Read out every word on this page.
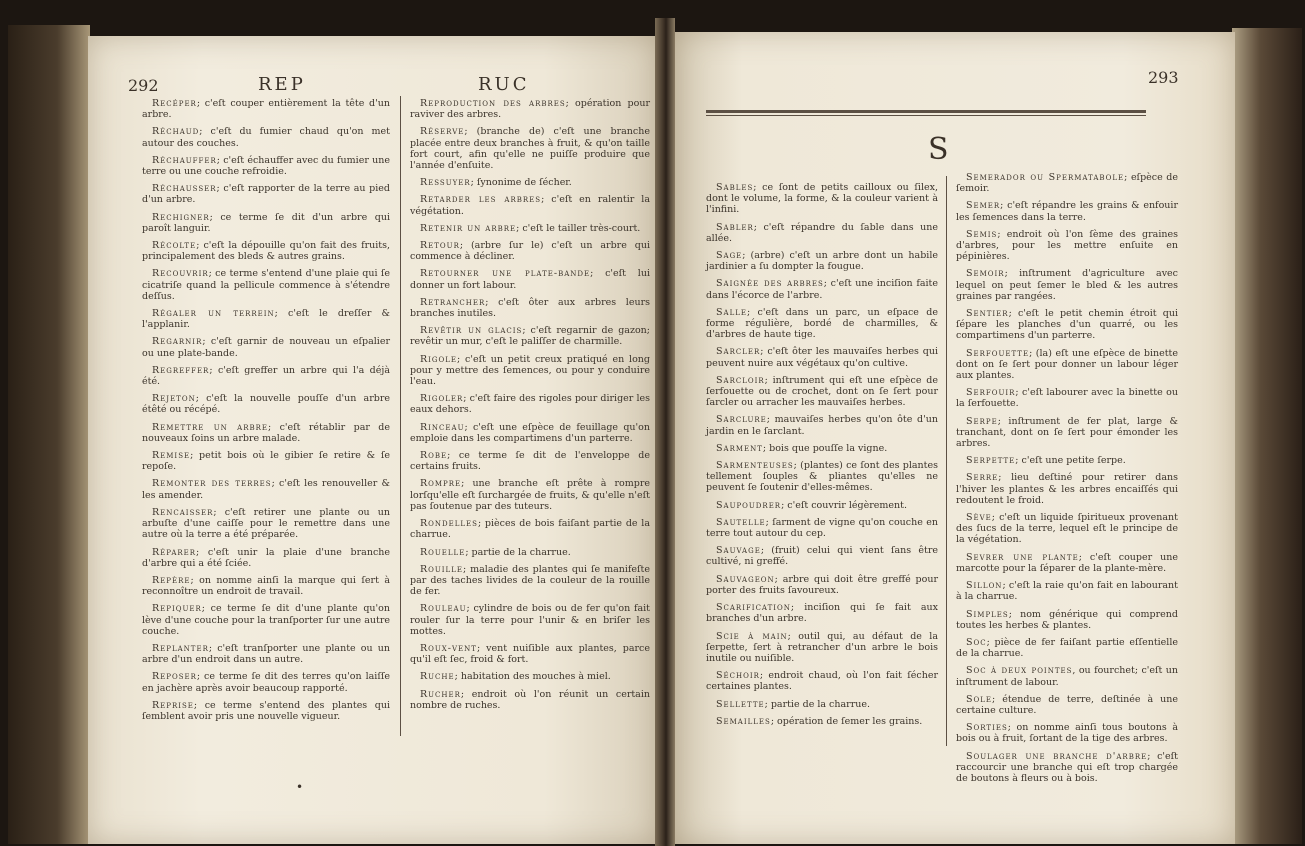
292	REP	RUC

Recéper; c'eſt couper entièrement la tête d'un arbre.

Réchaud; c'eſt du fumier chaud qu'on met autour des couches.

Réchauffer; c'eſt échauffer avec du fumier une terre ou une couche refroidie.

Réchausser; c'eſt rapporter de la terre au pied d'un arbre.

Rechigner; ce terme ſe dit d'un arbre qui paroît languir.

Récolte; c'eſt la dépouille qu'on fait des fruits, principalement des bleds & autres grains.

Recouvrir; ce terme s'entend d'une plaie qui ſe cicatriſe quand la pellicule commence à s'étendre deſſus.

Régaler un terrein; c'eſt le dreſſer & l'applanir.

Regarnir; c'eſt garnir de nouveau un eſpalier ou une plate-bande.

Regreffer; c'eſt greffer un arbre qui l'a déjà été.

Rejeton; c'eſt la nouvelle pouſſe d'un arbre étêté ou récépé.

Remettre un arbre; c'eſt rétablir par de nouveaux ſoins un arbre malade.

Remise; petit bois où le gibier ſe retire & ſe repoſe.

Remonter des terres; c'eſt les renouveller & les amender.

Rencaisser; c'eſt retirer une plante ou un arbuſte d'une caiſſe pour le remettre dans une autre où la terre a été préparée.

Réparer; c'eſt unir la plaie d'une branche d'arbre qui a été ſciée.

Repère; on nomme ainſi la marque qui ſert à reconnoître un endroit de travail.

Repiquer; ce terme ſe dit d'une plante qu'on lève d'une couche pour la tranſporter ſur une autre couche.

Replanter; c'eſt tranſporter une plante ou un arbre d'un endroit dans un autre.

Reposer; ce terme ſe dit des terres qu'on laiſſe en jachère après avoir beaucoup rapporté.

Reprise; ce terme s'entend des plantes qui ſemblent avoir pris une nouvelle vigueur.

Reproduction des arbres; opération pour raviver des arbres.

Réserve; (branche de) c'eſt une branche placée entre deux branches à fruit, & qu'on taille fort court, afin qu'elle ne puiſſe produire que l'année d'enſuite.

Ressuyer; ſynonime de ſécher.

Retarder les arbres; c'eſt en ralentir la végétation.

Retenir un arbre; c'eſt le tailler très-court.

Retour; (arbre ſur le) c'eſt un arbre qui commence à décliner.

Retourner une plate-bande; c'eſt lui donner un fort labour.

Retrancher; c'eſt ôter aux arbres leurs branches inutiles.

Revêtir un glacis; c'eſt regarnir de gazon; revêtir un mur, c'eſt le paliſſer de charmille.

Rigole; c'eſt un petit creux pratiqué en long pour y mettre des ſemences, ou pour y conduire l'eau.

Rigoler; c'eſt faire des rigoles pour diriger les eaux dehors.

Rinceau; c'eſt une eſpèce de feuillage qu'on emploie dans les compartimens d'un parterre.

Robe; ce terme ſe dit de l'enveloppe de certains fruits.

Rompre; une branche eſt prête à rompre lorſqu'elle eſt ſurchargée de fruits, & qu'elle n'eſt pas ſoutenue par des tuteurs.

Rondelles; pièces de bois faiſant partie de la charrue.

Rouelle; partie de la charrue.

Rouille; maladie des plantes qui ſe manifeſte par des taches livides de la couleur de la rouille de fer.

Rouleau; cylindre de bois ou de fer qu'on fait rouler ſur la terre pour l'unir & en briſer les mottes.

Roux-vent; vent nuiſible aux plantes, parce qu'il eſt ſec, froid & fort.

Ruche; habitation des mouches à miel.

Rucher; endroit où l'on réunit un certain nombre de ruches.

•
293
S

Sables; ce ſont de petits cailloux ou ſilex, dont le volume, la forme, & la couleur varient à l'infini.

Sabler; c'eſt répandre du ſable dans une allée.

Sage; (arbre) c'eſt un arbre dont un habile jardinier a ſu dompter la fougue.

Saignée des arbres; c'eſt une inciſion faite dans l'écorce de l'arbre.

Salle; c'eſt dans un parc, un eſpace de forme régulière, bordé de charmilles, & d'arbres de haute tige.

Sarcler; c'eſt ôter les mauvaiſes herbes qui peuvent nuire aux végétaux qu'on cultive.

Sarcloir; inſtrument qui eſt une eſpèce de ſerfouette ou de crochet, dont on ſe ſert pour ſarcler ou arracher les mauvaiſes herbes.

Sarclure; mauvaiſes herbes qu'on ôte d'un jardin en le ſarclant.

Sarment; bois que pouſſe la vigne.

Sarmenteuses; (plantes) ce ſont des plantes tellement ſouples & pliantes qu'elles ne peuvent ſe ſoutenir d'elles-mêmes.

Saupoudrer; c'eſt couvrir légèrement.

Sautelle; ſarment de vigne qu'on couche en terre tout autour du cep.

Sauvage; (fruit) celui qui vient ſans être cultivé, ni greffé.

Sauvageon; arbre qui doit être greffé pour porter des fruits ſavoureux.

Scarification; inciſion qui ſe fait aux branches d'un arbre.

Scie à main; outil qui, au défaut de la ſerpette, ſert à retrancher d'un arbre le bois inutile ou nuiſible.

Séchoir; endroit chaud, où l'on fait ſécher certaines plantes.

Sellette; partie de la charrue.

Semailles; opération de ſemer les grains.

Semerador ou Spermatabole; eſpèce de ſemoir.

Semer; c'eſt répandre les grains & enfouir les ſemences dans la terre.

Semis; endroit où l'on ſème des graines d'arbres, pour les mettre enſuite en pépinières.

Semoir; inſtrument d'agriculture avec lequel on peut ſemer le bled & les autres graines par rangées.

Sentier; c'eſt le petit chemin étroit qui ſépare les planches d'un quarré, ou les compartimens d'un parterre.

Serfouette; (la) eſt une eſpèce de binette dont on ſe ſert pour donner un labour léger aux plantes.

Serfouir; c'eſt labourer avec la binette ou la ſerfouette.

Serpe; inſtrument de fer plat, large & tranchant, dont on ſe ſert pour émonder les arbres.

Serpette; c'eſt une petite ſerpe.

Serre; lieu deſtiné pour retirer dans l'hiver les plantes & les arbres encaiſſés qui redoutent le froid.

Sève; c'eſt un liquide ſpiritueux provenant des ſucs de la terre, lequel eſt le principe de la végétation.

Sevrer une plante; c'eſt couper une marcotte pour la ſéparer de la plante-mère.

Sillon; c'eſt la raie qu'on fait en labourant à la charrue.

Simples; nom générique qui comprend toutes les herbes & plantes.

Soc; pièce de fer faiſant partie eſſentielle de la charrue.

Soc à deux pointes, ou fourchet; c'eſt un inſtrument de labour.

Sole; étendue de terre, deſtinée à une certaine culture.

Sorties; on nomme ainſi tous boutons à bois ou à fruit, ſortant de la tige des arbres.

Soulager une branche d'arbre; c'eſt raccourcir une branche qui eſt trop chargée de boutons à fleurs ou à bois.
